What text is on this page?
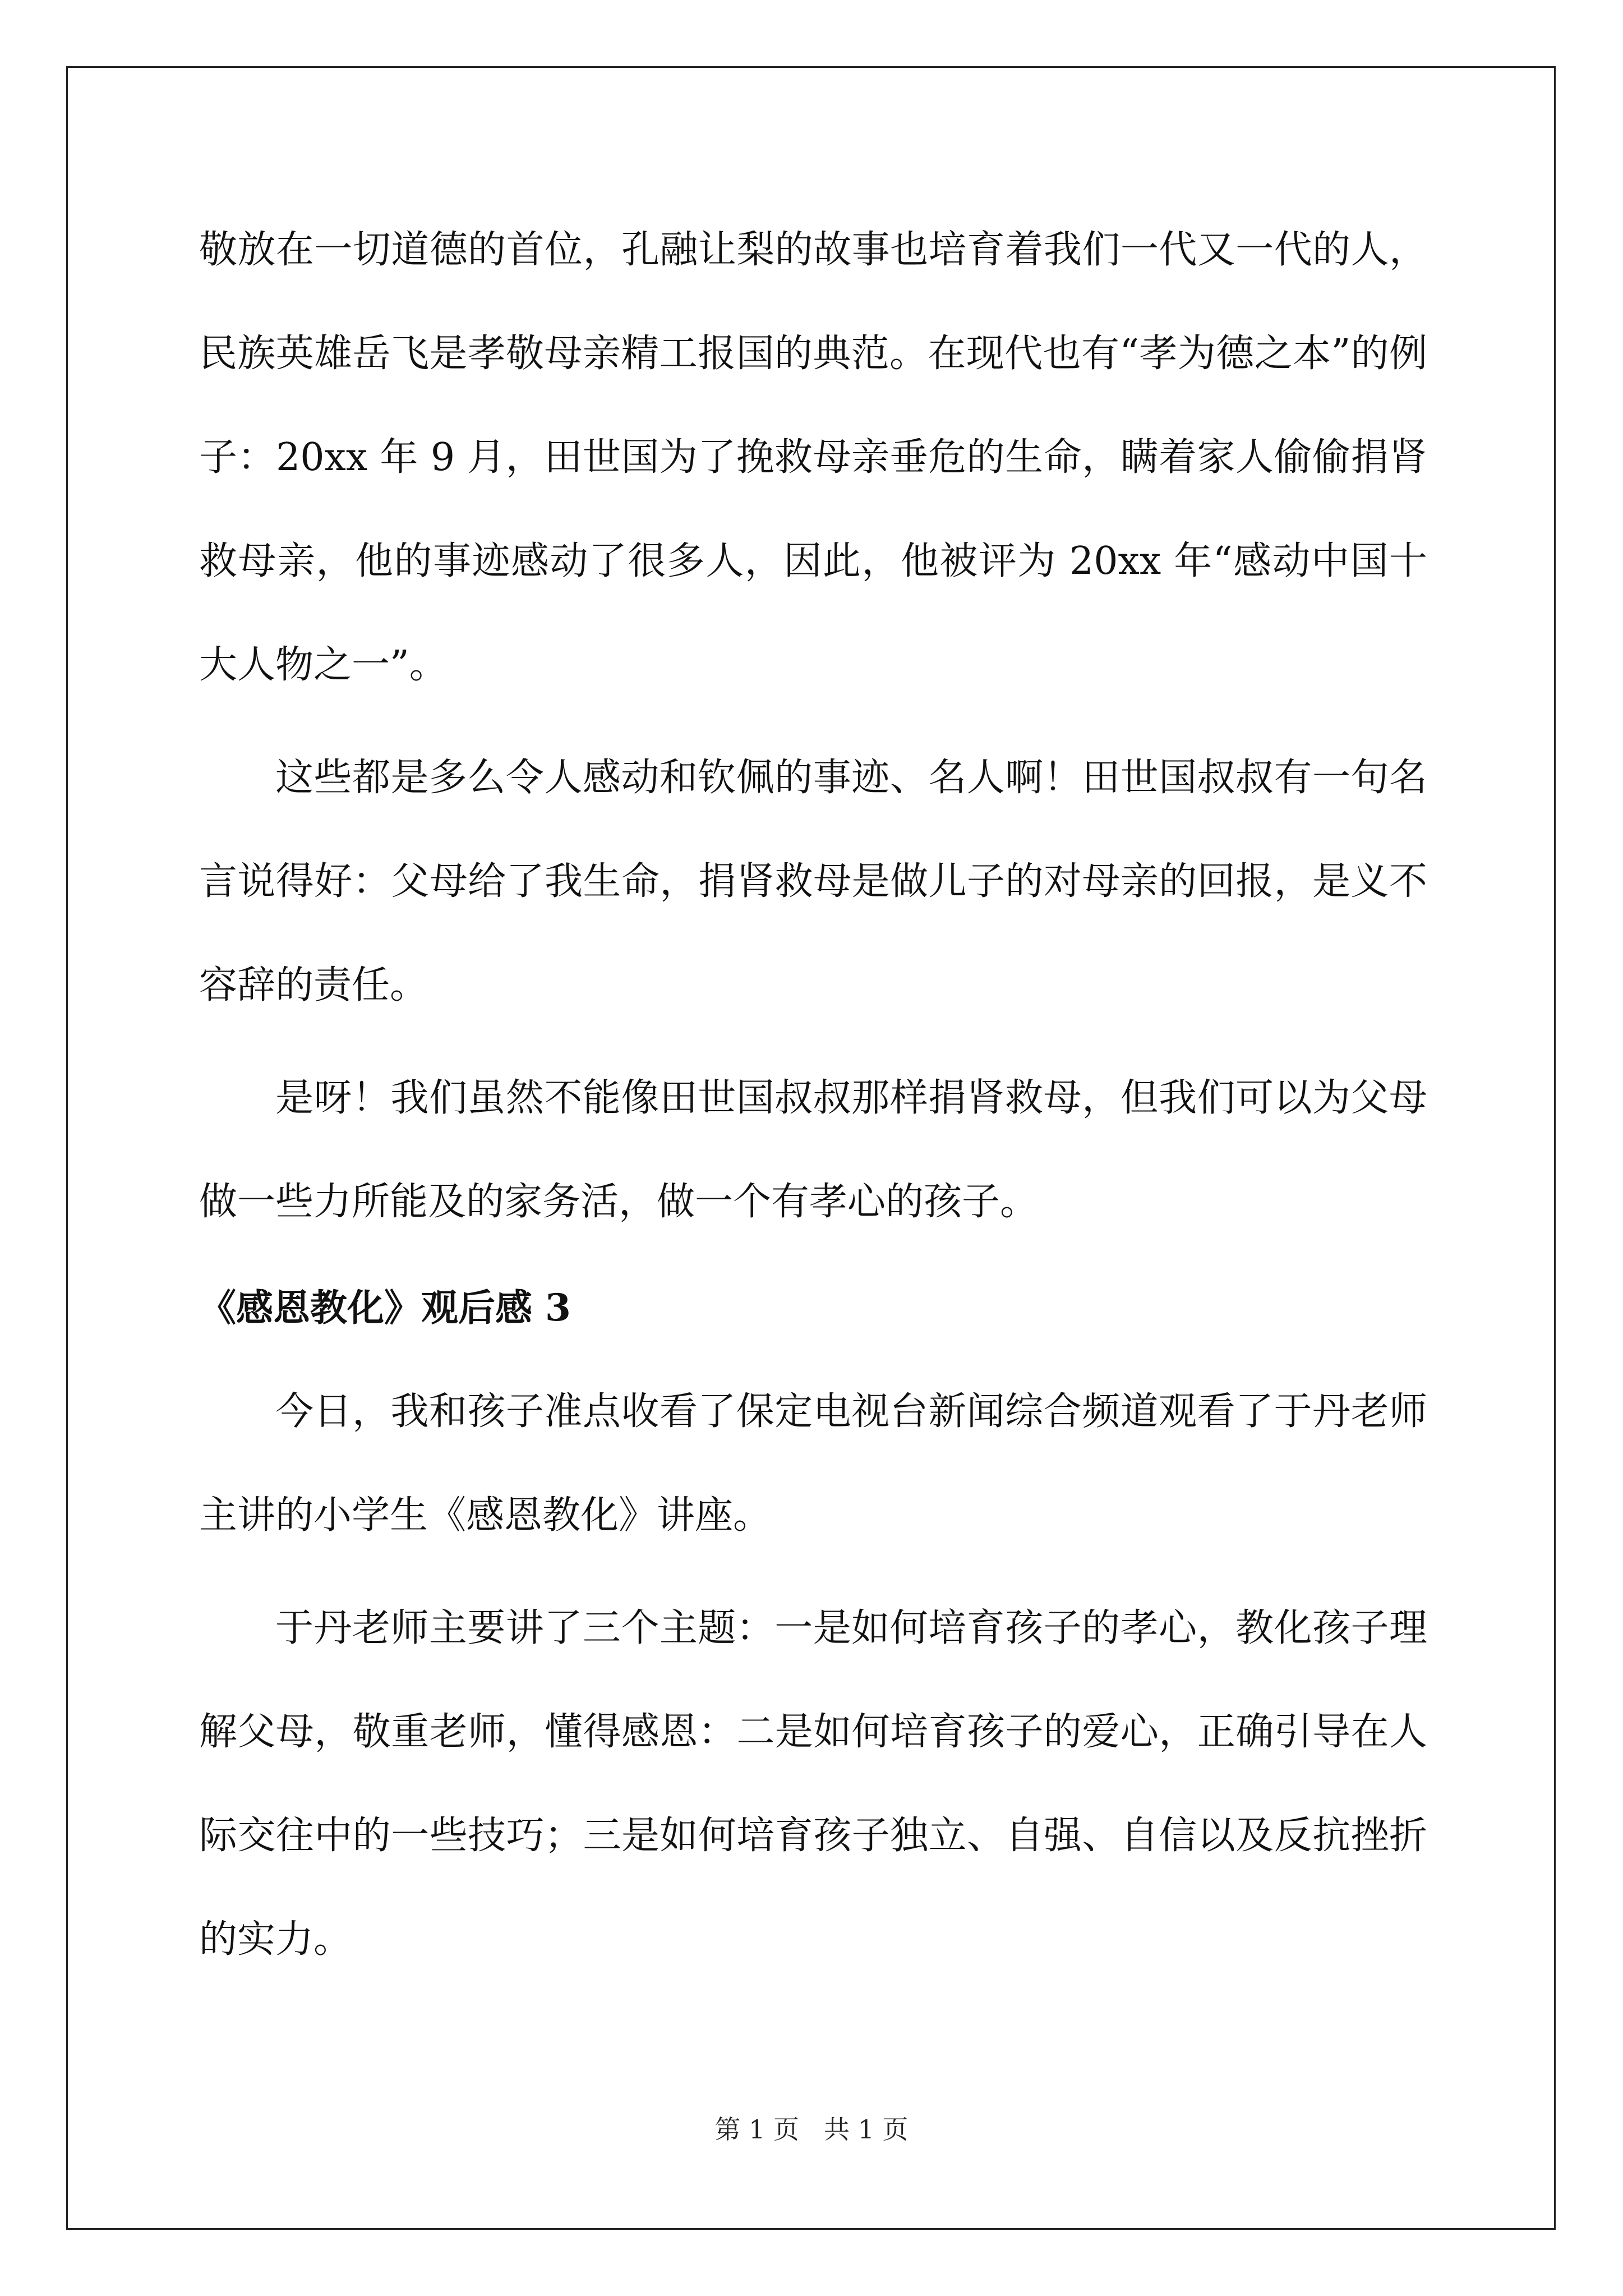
敬放在一切道德的首位，孔融让梨的故事也培育着我们一代又一代的人，民族英雄岳飞是孝敬母亲精工报国的典范。在现代也有“孝为德之本”的例子：20xx 年 9 月，田世国为了挽救母亲垂危的生命，瞒着家人偷偷捐肾救母亲，他的事迹感动了很多人，因此，他被评为 20xx 年“感动中国十大人物之一”。

这些都是多么令人感动和钦佩的事迹、名人啊！田世国叔叔有一句名言说得好：父母给了我生命，捐肾救母是做儿子的对母亲的回报，是义不容辞的责任。

是呀！我们虽然不能像田世国叔叔那样捐肾救母，但我们可以为父母做一些力所能及的家务活，做一个有孝心的孩子。

《感恩教化》观后感 3

今日，我和孩子准点收看了保定电视台新闻综合频道观看了于丹老师主讲的小学生《感恩教化》讲座。

于丹老师主要讲了三个主题：一是如何培育孩子的孝心，教化孩子理解父母，敬重老师，懂得感恩：二是如何培育孩子的爱心，正确引导在人际交往中的一些技巧；三是如何培育孩子独立、自强、自信以及反抗挫折的实力。

第 1 页 共 1 页
